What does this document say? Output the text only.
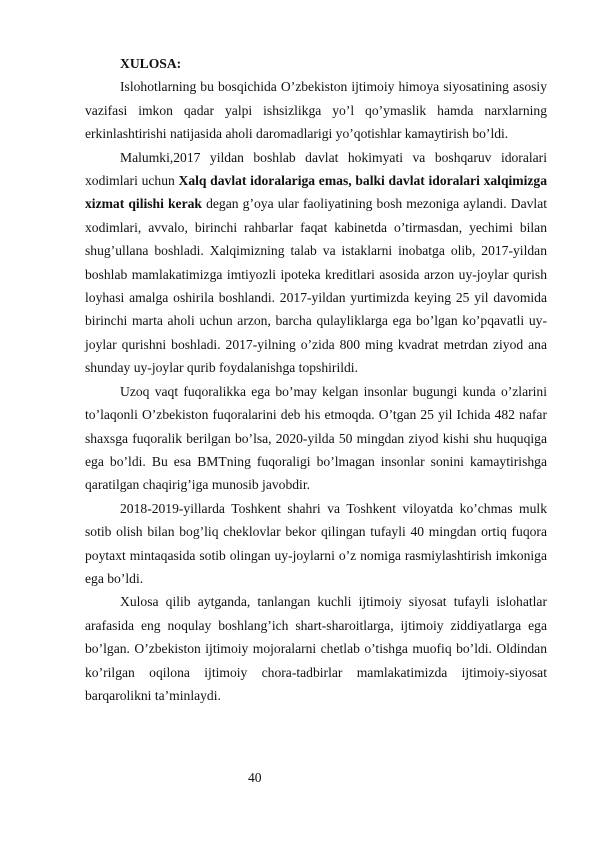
XULOSA:

Islohotlarning bu bosqichida O’zbekiston ijtimoiy himoya siyosatining asosiy vazifasi imkon qadar yalpi ishsizlikga yo’l qo’ymaslik hamda narxlarning erkinlashtirishi natijasida aholi daromadlarigi yo’qotishlar kamaytirish bo’ldi.

Malumki,2017 yildan boshlab davlat hokimyati va boshqaruv idoralari xodimlari uchun Xalq davlat idoralariga emas, balki davlat idoralari xalqimizga xizmat qilishi kerak degan g’oya ular faoliyatining bosh mezoniga aylandi. Davlat xodimlari, avvalo, birinchi rahbarlar faqat kabinetda o’tirmasdan, yechimi bilan shug’ullana boshladi. Xalqimizning talab va istaklarni inobatga olib, 2017-yildan boshlab mamlakatimizga imtiyozli ipoteka kreditlari asosida arzon uy-joylar qurish loyhasi amalga oshirila boshlandi. 2017-yildan yurtimizda keying 25 yil davomida birinchi marta aholi uchun arzon, barcha qulayliklarga ega bo’lgan ko’pqavatli uy-joylar qurishni boshladi. 2017-yilning o’zida 800 ming kvadrat metrdan ziyod ana shunday uy-joylar qurib foydalanishga topshirildi.

Uzoq vaqt fuqoralikka ega bo’may kelgan insonlar bugungi kunda o’zlarini to’laqonli O’zbekiston fuqoralarini deb his etmoqda. O’tgan 25 yil Ichida 482 nafar shaxsga fuqoralik berilgan bo’lsa, 2020-yilda 50 mingdan ziyod kishi shu huquqiga ega bo’ldi. Bu esa BMTning fuqoraligi bo’lmagan insonlar sonini kamaytirishga qaratilgan chaqirig’iga munosib javobdir.

2018-2019-yillarda Toshkent shahri va Toshkent viloyatda ko’chmas mulk sotib olish bilan bog’liq cheklovlar bekor qilingan tufayli 40 mingdan ortiq fuqora poytaxt mintaqasida sotib olingan uy-joylarni o’z nomiga rasmiylashtirish imkoniga ega bo’ldi.

Xulosa qilib aytganda, tanlangan kuchli ijtimoiy siyosat tufayli islohatlar arafasida eng noqulay boshlang’ich shart-sharoitlarga, ijtimoiy ziddiyatlarga ega bo’lgan. O’zbekiston ijtimoiy mojoralarni chetlab o’tishga muofiq bo’ldi. Oldindan ko’rilgan oqilona ijtimoiy chora-tadbirlar mamlakatimizda ijtimoiy-siyosat barqarolikni ta’minlaydi.

40
